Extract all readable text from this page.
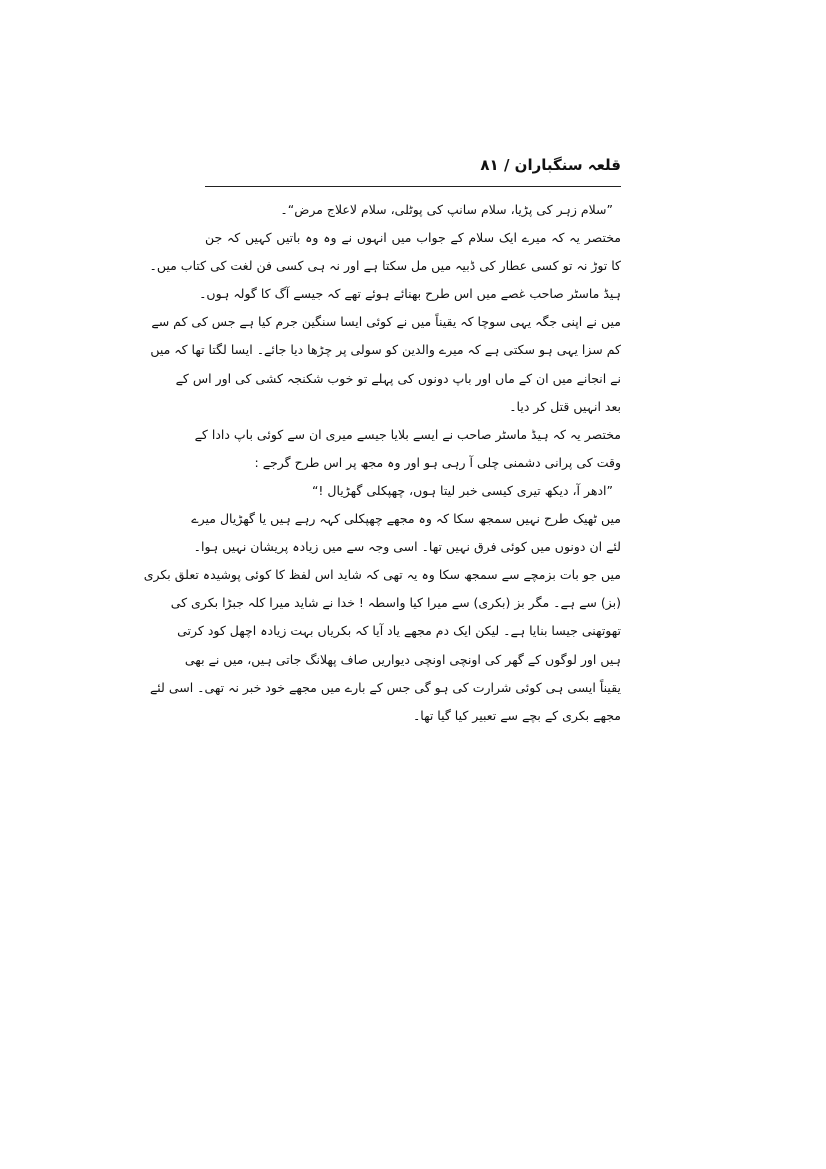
قلعہ سنگباران / ٨١
”سلام زہر کی پڑیا، سلام سانپ کی پوٹلی، سلام لاعلاج مرض“۔
مختصر یہ کہ میرے ایک سلام کے جواب میں انہوں نے وہ وہ باتیں کہیں کہ جن
کا توڑ نہ تو کسی عطار کی ڈبیہ میں مل سکتا ہے اور نہ ہی کسی فن لغت کی کتاب میں۔
ہیڈ ماسٹر صاحب غصے میں اس طرح بھنائے ہوئے تھے کہ جیسے آگ کا گولہ ہوں۔
میں نے اپنی جگہ یہی سوچا کہ یقیناً میں نے کوئی ایسا سنگین جرم کیا ہے جس کی کم سے
کم سزا یہی ہو سکتی ہے کہ میرے والدین کو سولی پر چڑھا دیا جائے۔ ایسا لگتا تھا کہ میں
نے انجانے میں ان کے ماں اور باپ دونوں کی پہلے تو خوب شکنجہ کشی کی اور اس کے
بعد انہیں قتل کر دیا۔
مختصر یہ کہ ہیڈ ماسٹر صاحب نے ایسے بلایا جیسے میری ان سے کوئی باپ دادا کے
وقت کی پرانی دشمنی چلی آ رہی ہو اور وہ مجھ پر اس طرح گرجے :
”ادھر آ، دیکھ تیری کیسی خبر لیتا ہوں، چھپکلی گھڑیال !“
میں ٹھیک طرح نہیں سمجھ سکا کہ وہ مجھے چھپکلی کہہ رہے ہیں یا گھڑیال میرے
لئے ان دونوں میں کوئی فرق نہیں تھا۔ اسی وجہ سے میں زیادہ پریشان نہیں ہوا۔
میں جو بات بزمچے سے سمجھ سکا وہ یہ تھی کہ شاید اس لفظ کا کوئی پوشیدہ تعلق بکری
(بز) سے ہے۔ مگر بز (بکری) سے میرا کیا واسطہ ! خدا نے شاید میرا کلہ جبڑا بکری کی
تھوتھنی جیسا بنایا ہے۔ لیکن ایک دم مجھے یاد آیا کہ بکریاں بہت زیادہ اچھل کود کرتی
ہیں اور لوگوں کے گھر کی اونچی اونچی دیواریں صاف پھلانگ جاتی ہیں، میں نے بھی
یقیناً ایسی ہی کوئی شرارت کی ہو گی جس کے بارے میں مجھے خود خبر نہ تھی۔ اسی لئے
مجھے بکری کے بچے سے تعبیر کیا گیا تھا۔
